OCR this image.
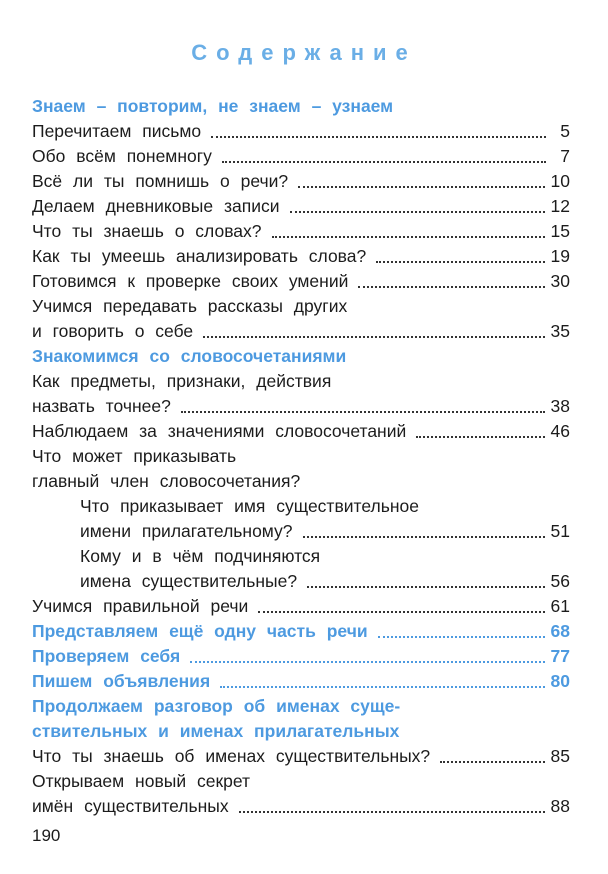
Содержание
Знаем – повторим, не знаем – узнаем
Перечитаем письмо	5
Обо всём понемногу	7
Всё ли ты помнишь о речи?	10
Делаем дневниковые записи	12
Что ты знаешь о словах?	15
Как ты умеешь анализировать слова?	19
Готовимся к проверке своих умений	30
Учимся передавать рассказы других
и говорить о себе	35
Знакомимся со словосочетаниями
Как предметы, признаки, действия
назвать точнее?	38
Наблюдаем за значениями словосочетаний	46
Что может приказывать
главный член словосочетания?
Что приказывает имя существительное
имени прилагательному?	51
Кому и в чём подчиняются
имена существительные?	56
Учимся правильной речи	61
Представляем ещё одну часть речи	68
Проверяем себя	77
Пишем объявления	80
Продолжаем разговор об именах суще-
ствительных и именах прилагательных
Что ты знаешь об именах существительных?	85
Открываем новый секрет
имён существительных	88
190
